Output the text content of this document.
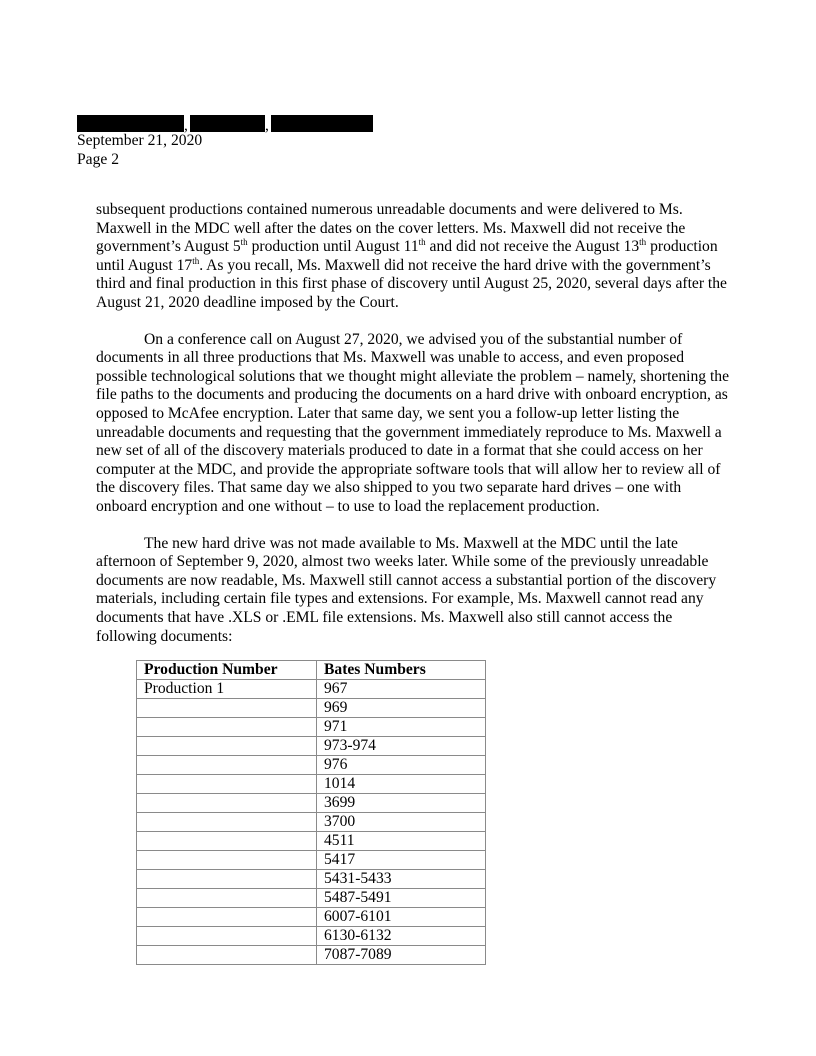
,	,
September 21, 2020
Page 2

subsequent productions contained numerous unreadable documents and were delivered to Ms. Maxwell in the MDC well after the dates on the cover letters. Ms. Maxwell did not receive the government’s August 5th production until August 11th and did not receive the August 13th production until August 17th. As you recall, Ms. Maxwell did not receive the hard drive with the government’s third and final production in this first phase of discovery until August 25, 2020, several days after the August 21, 2020 deadline imposed by the Court.

On a conference call on August 27, 2020, we advised you of the substantial number of documents in all three productions that Ms. Maxwell was unable to access, and even proposed possible technological solutions that we thought might alleviate the problem – namely, shortening the file paths to the documents and producing the documents on a hard drive with onboard encryption, as opposed to McAfee encryption. Later that same day, we sent you a follow-up letter listing the unreadable documents and requesting that the government immediately reproduce to Ms. Maxwell a new set of all of the discovery materials produced to date in a format that she could access on her computer at the MDC, and provide the appropriate software tools that will allow her to review all of the discovery files. That same day we also shipped to you two separate hard drives – one with onboard encryption and one without – to use to load the replacement production.

The new hard drive was not made available to Ms. Maxwell at the MDC until the late afternoon of September 9, 2020, almost two weeks later. While some of the previously unreadable documents are now readable, Ms. Maxwell still cannot access a substantial portion of the discovery materials, including certain file types and extensions. For example, Ms. Maxwell cannot read any documents that have .XLS or .EML file extensions. Ms. Maxwell also still cannot access the following documents:

Production Number	Bates Numbers
Production 1	967
	969
	971
	973-974
	976
	1014
	3699
	3700
	4511
	5417
	5431-5433
	5487-5491
	6007-6101
	6130-6132
	7087-7089
